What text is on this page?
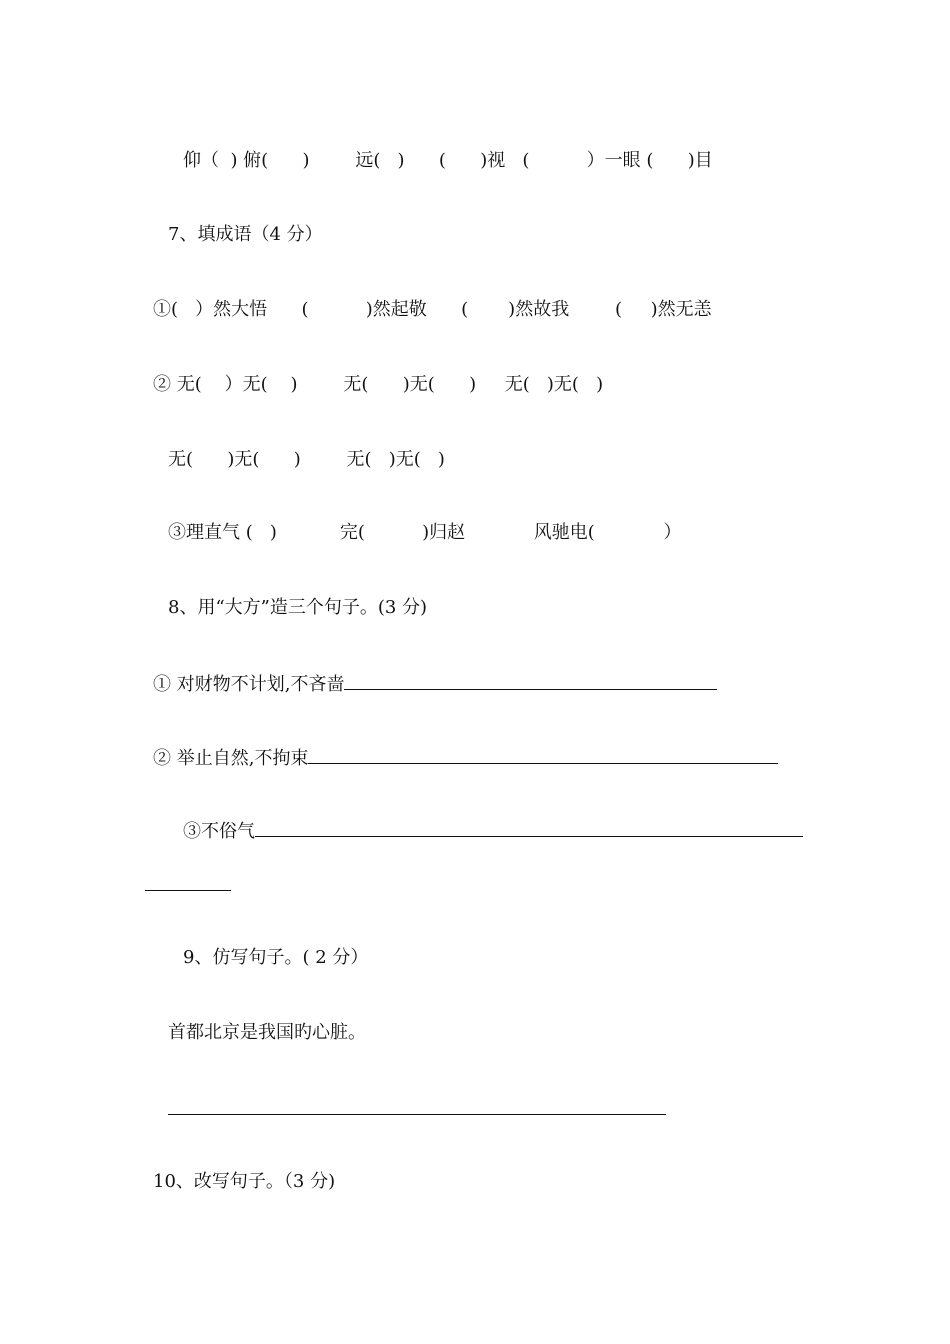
仰（  ) 俯(      )        远(   )      (      )视   (          ）一眼 (      )目
7、填成语（4 分）
①(   ）然大悟      (          )然起敬      (       )然故我        (     )然无恙
② 无(    ）无(    )        无(      )无(      )     无(   )无(   )
无(      )无(      )        无(   )无(   )
③理直气 (   )           完(          )归赵            风驰电(            ）
8、用“大方”造三个句子。(3 分)
① 对财物不计划,不吝啬
② 举止自然,不拘束
③不俗气
9、仿写句子。( 2 分）
首都北京是我国旳心脏。
10、改写句子。（3 分)
